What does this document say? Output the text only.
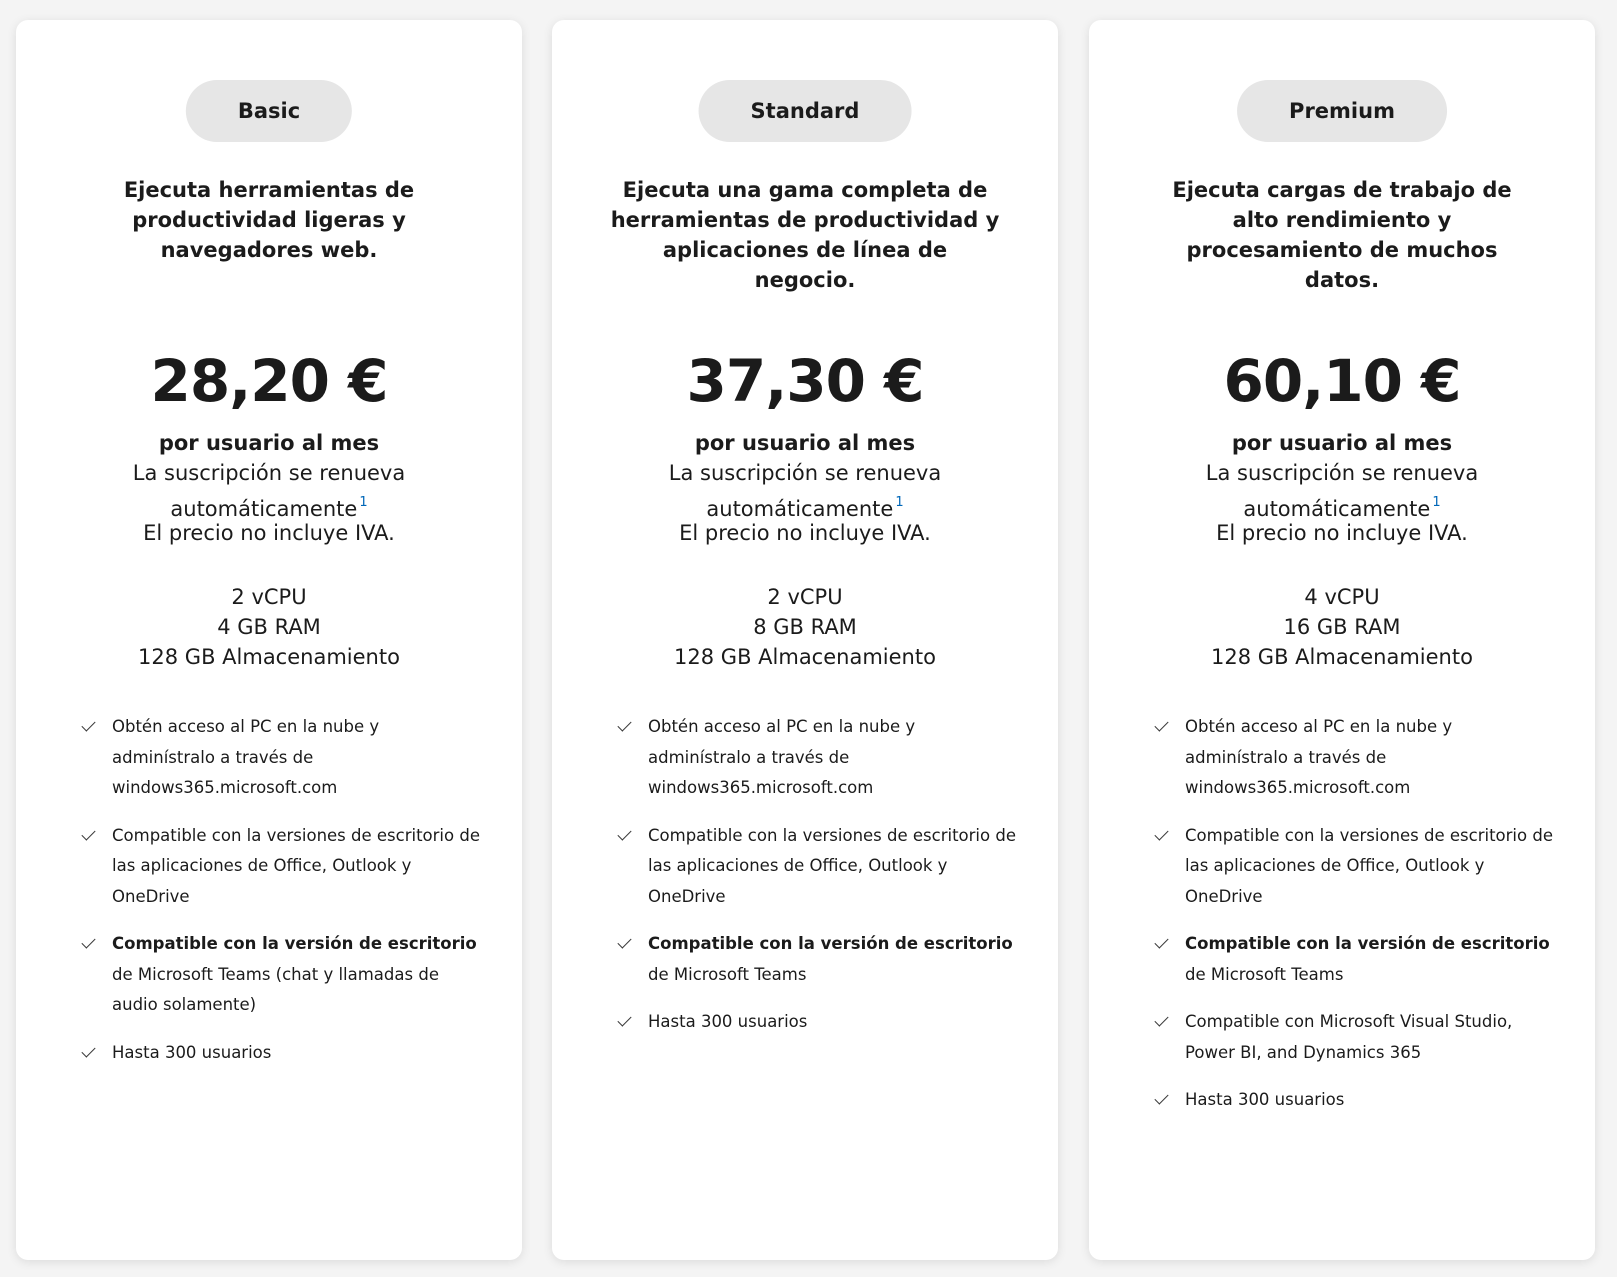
Basic
Ejecuta herramientas de productividad ligeras y navegadores web.
28,20 €
por usuario al mes
La suscripción se renueva automáticamente $^1$
El precio no incluye IVA.
2 vCPU
4 GB RAM
128 GB Almacenamiento
Obtén acceso al PC en la nube y adminístralo a través de windows365.microsoft.com
Compatible con la versiones de escritorio de las aplicaciones de Office, Outlook y OneDrive
Compatible con la versión de escritorio de Microsoft Teams (chat y llamadas de audio solamente)
Hasta 300 usuarios
Standard
Ejecuta una gama completa de herramientas de productividad y aplicaciones de línea de negocio.
37,30 €
por usuario al mes
La suscripción se renueva automáticamente $^1$
El precio no incluye IVA.
2 vCPU
8 GB RAM
128 GB Almacenamiento
Obtén acceso al PC en la nube y adminístralo a través de windows365.microsoft.com
Compatible con la versiones de escritorio de las aplicaciones de Office, Outlook y OneDrive
Compatible con la versión de escritorio de Microsoft Teams
Hasta 300 usuarios
Premium
Ejecuta cargas de trabajo de alto rendimiento y procesamiento de muchos datos.
60,10 €
por usuario al mes
La suscripción se renueva automáticamente $^1$
El precio no incluye IVA.
4 vCPU
16 GB RAM
128 GB Almacenamiento
Obtén acceso al PC en la nube y adminístralo a través de windows365.microsoft.com
Compatible con la versiones de escritorio de las aplicaciones de Office, Outlook y OneDrive
Compatible con la versión de escritorio de Microsoft Teams
Compatible con Microsoft Visual Studio, Power BI, and Dynamics 365
Hasta 300 usuarios
